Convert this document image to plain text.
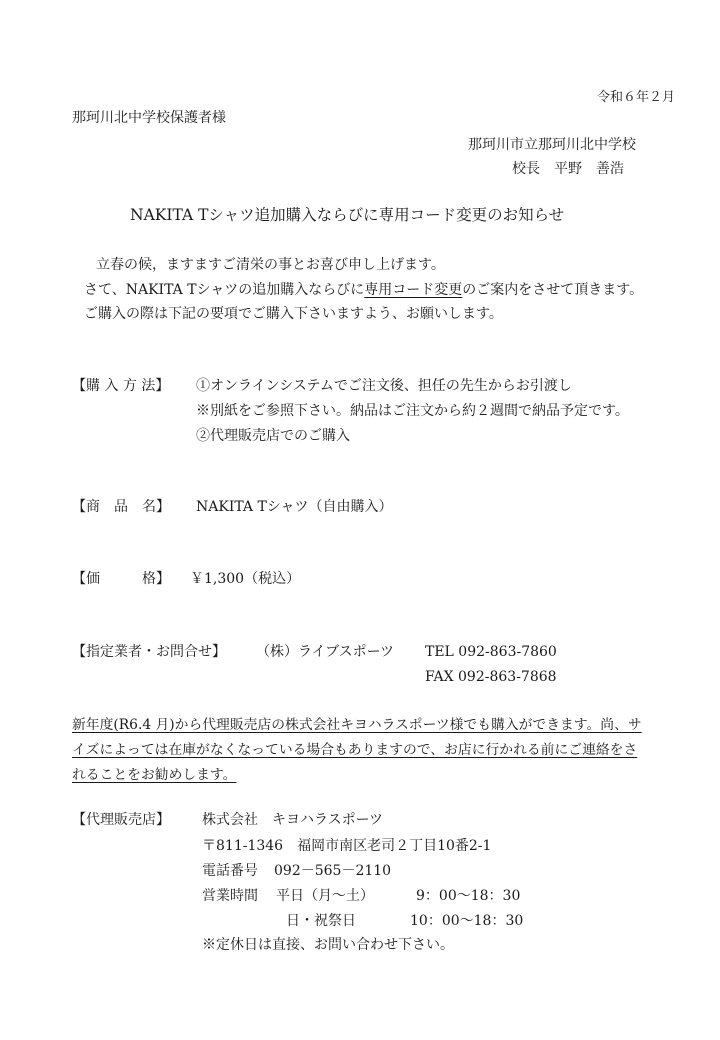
令和６年２月
那珂川北中学校保護者様
那珂川市立那珂川北中学校
校長　平野　善浩
NAKITA Tシャツ追加購入ならびに専用コード変更のお知らせ
立春の候，ますますご清栄の事とお喜び申し上げます。
さて、NAKITA Tシャツの追加購入ならびに専用コード変更のご案内をさせて頂きます。
ご購入の際は下記の要項でご購入下さいますよう、お願いします。
【購 入 方 法】 ①オンラインシステムでご注文後、担任の先生からお引渡し
※別紙をご参照下さい。納品はご注文から約２週間で納品予定です。
②代理販売店でのご購入
【商　品　名】 NAKITA Tシャツ（自由購入）
【価　　　格】 ￥1,300（税込）
【指定業者・お問合せ】 （株）ライブスポーツ TEL 092-863-7860
FAX 092-863-7868
新年度(R6.4 月)から代理販売店の株式会社キヨハラスポーツ様でも購入ができます。尚、サ
イズによっては在庫がなくなっている場合もありますので、お店に行かれる前にご連絡をさ
れることをお勧めします。
【代理販売店】 株式会社　キヨハラスポーツ
〒811-1346　福岡市南区老司２丁目10番2-1
電話番号 092－565－2110
営業時間 平日（月～土）	9：00～18：30
日・祝祭日	10：00～18：30
※定休日は直接、お問い合わせ下さい。
